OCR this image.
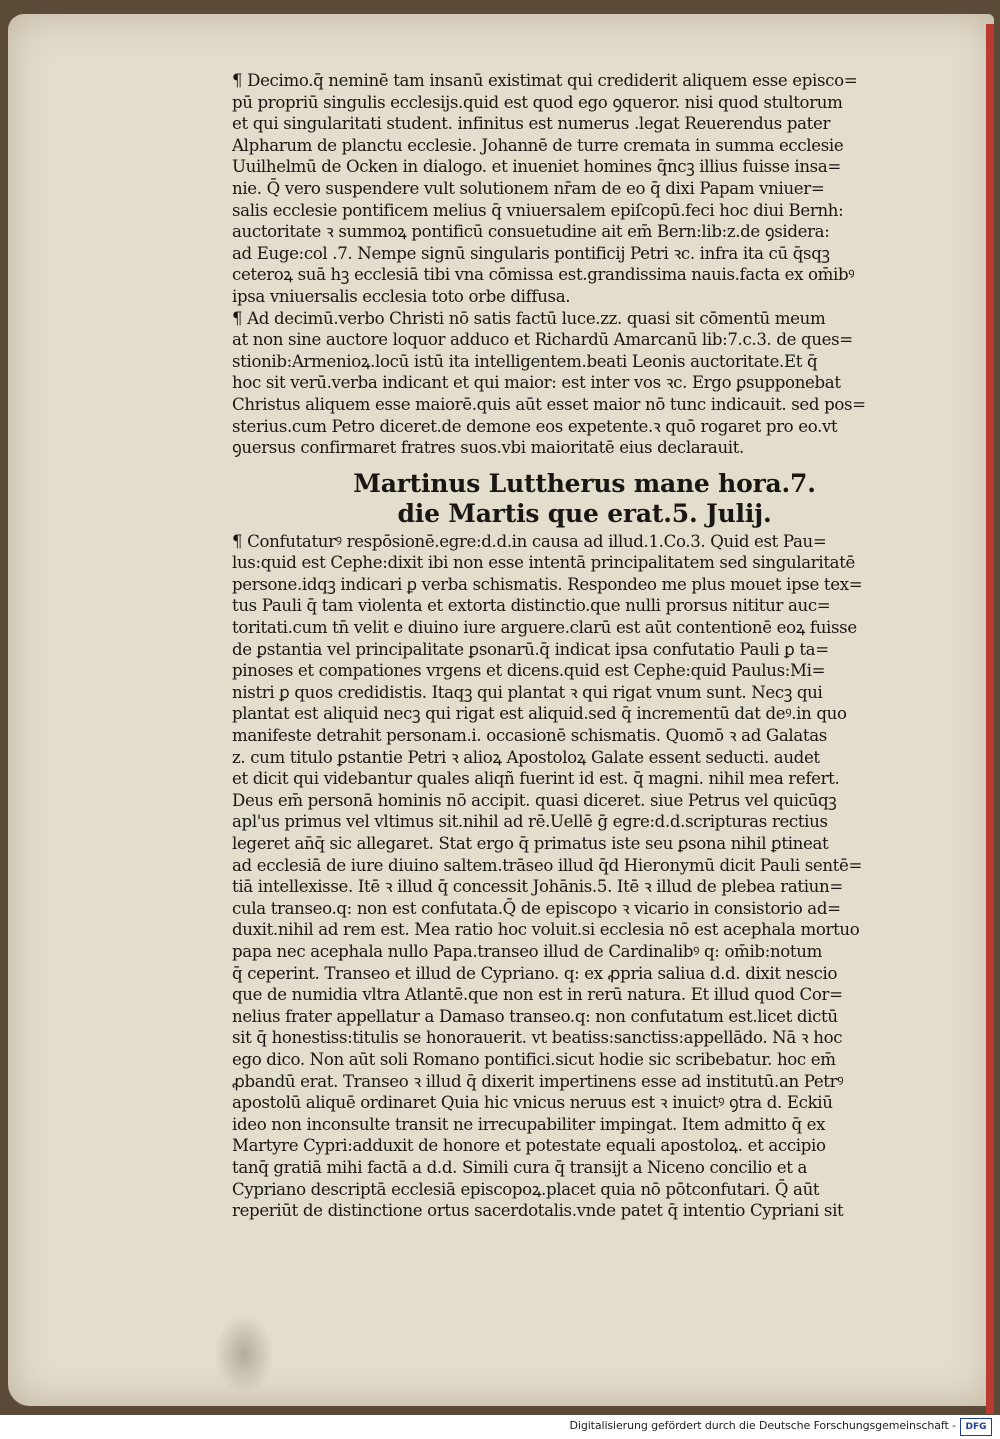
¶ Decimo.q̄ neminē tam insanū existimat qui crediderit aliquem esse episco=
pū propriū singulis ecclesijs.quid est quod ego ꝯqueror. nisi quod stultorum
et qui singularitati student. infinitus est numerus .legat Reuerendus pater
Alpharum de planctu ecclesie. Johannē de turre cremata in summa ecclesie
Uuilhelmū de Ocken in dialogo. et inueniet homines q̄ncꝫ illius fuisse insa=
nie. Q̄ vero suspendere vult solutionem nr̄am de eo q̄ dixi Papam vniuer=
salis ecclesie pontificem melius q̄ vniuersalem epiſcopū.feci hoc diui Bernh:
auctoritate ꝛ summoꝝ pontificū consuetudine ait em̄ Bern:lib:z.de ꝯsidera:
ad Euge:col .7. Nempe signū singularis pontificij Petri ꝛc. infra ita cū q̄sqꝫ
ceteroꝝ suā hꝫ ecclesiā tibi vna cōmissa est.grandissima nauis.facta ex om̄ibꝰ
ipsa vniuersalis ecclesia toto orbe diffusa.
¶ Ad decimū.verbo Christi nō satis factū luce.zz. quasi sit cōmentū meum
at non sine auctore loquor adduco et Richardū Amarcanū lib:7.c.3. de ques=
stionib:Armenioꝝ.locū istū ita intelligentem.beati Leonis auctoritate.Et q̄
hoc sit verū.verba indicant et qui maior: est inter vos ꝛc. Ergo ꝑsupponebat
Christus aliquem esse maiorē.quis aūt esset maior nō tunc indicauit. sed pos=
sterius.cum Petro diceret.de demone eos expetente.ꝛ quō rogaret pro eo.vt
ꝯuersus confirmaret fratres suos.vbi maioritatē eius declarauit.
Martinus Luttherus mane hora.7.
die Martis que erat.5. Julij.
¶ Confutaturꝰ respōsionē.egre:d.d.in causa ad illud.1.Co.3. Quid est Pau=
lus:quid est Cephe:dixit ibi non esse intentā principalitatem sed singularitatē
persone.idqꝫ indicari ꝑ verba schismatis. Respondeo me plus mouet ipse tex=
tus Pauli q̄ tam violenta et extorta distinctio.que nulli prorsus nititur auc=
toritati.cum tn̄ velit e diuino iure arguere.clarū est aūt contentionē eoꝝ fuisse
de ꝑstantia vel principalitate ꝑsonarū.q̄ indicat ipsa confutatio Pauli ꝑ ta=
pinoses et compationes vrgens et dicens.quid est Cephe:quid Paulus:Mi=
nistri ꝑ quos credidistis. Itaqꝫ qui plantat ꝛ qui rigat vnum sunt. Necꝫ qui
plantat est aliquid necꝫ qui rigat est aliquid.sed q̄ incrementū dat deꝰ.in quo
manifeste detrahit personam.i. occasionē schismatis. Quomō ꝛ ad Galatas
z. cum titulo ꝑstantie Petri ꝛ alioꝝ Apostoloꝝ Galate essent seducti. audet
et dicit qui videbantur quales aliqñ fuerint id est. q̄ magni. nihil mea refert.
Deus em̄ personā hominis nō accipit. quasi diceret. siue Petrus vel quicūqꝫ
apl'us primus vel vltimus sit.nihil ad rē.Uellē ḡ egre:d.d.scripturas rectius
legeret an̄q̄ sic allegaret. Stat ergo q̄ primatus iste seu ꝑsona nihil ꝑtineat
ad ecclesiā de iure diuino saltem.trāseo illud q̄d Hieronymū dicit Pauli sentē=
tiā intellexisse. Itē ꝛ illud q̄ concessit Johānis.5. Itē ꝛ illud de plebea ratiun=
cula transeo.q: non est confutata.Q̄ de episcopo ꝛ vicario in consistorio ad=
duxit.nihil ad rem est. Mea ratio hoc voluit.si ecclesia nō est acephala mortuo
papa nec acephala nullo Papa.transeo illud de Cardinalibꝰ q: om̄ib:notum
q̄ ceperint. Transeo et illud de Cypriano. q: ex ꝓpria saliua d.d. dixit nescio
que de numidia vltra Atlantē.que non est in rerū natura. Et illud quod Cor=
nelius frater appellatur a Damaso transeo.q: non confutatum est.licet dictū
sit q̄ honestiss:titulis se honorauerit. vt beatiss:sanctiss:appellādo. Nā ꝛ hoc
ego dico. Non aūt soli Romano pontifici.sicut hodie sic scribebatur. hoc em̄
ꝓbandū erat. Transeo ꝛ illud q̄ dixerit impertinens esse ad institutū.an Petrꝰ
apostolū aliquē ordinaret Quia hic vnicus neruus est ꝛ inuictꝰ ꝯtra d. Eckiū
ideo non inconsulte transit ne irrecupabiliter impingat. Item admitto q̄ ex
Martyre Cypri:adduxit de honore et potestate equali apostoloꝝ. et accipio
tanq̄ gratiā mihi factā a d.d. Simili cura q̄ transijt a Niceno concilio et a
Cypriano descriptā ecclesiā episcopoꝝ.placet quia nō pōtconfutari. Q̄ aūt
reperiūt de distinctione ortus sacerdotalis.vnde patet q̄ intentio Cypriani sit
Digitalisierung gefördert durch die Deutsche Forschungsgemeinschaft -	DFG
